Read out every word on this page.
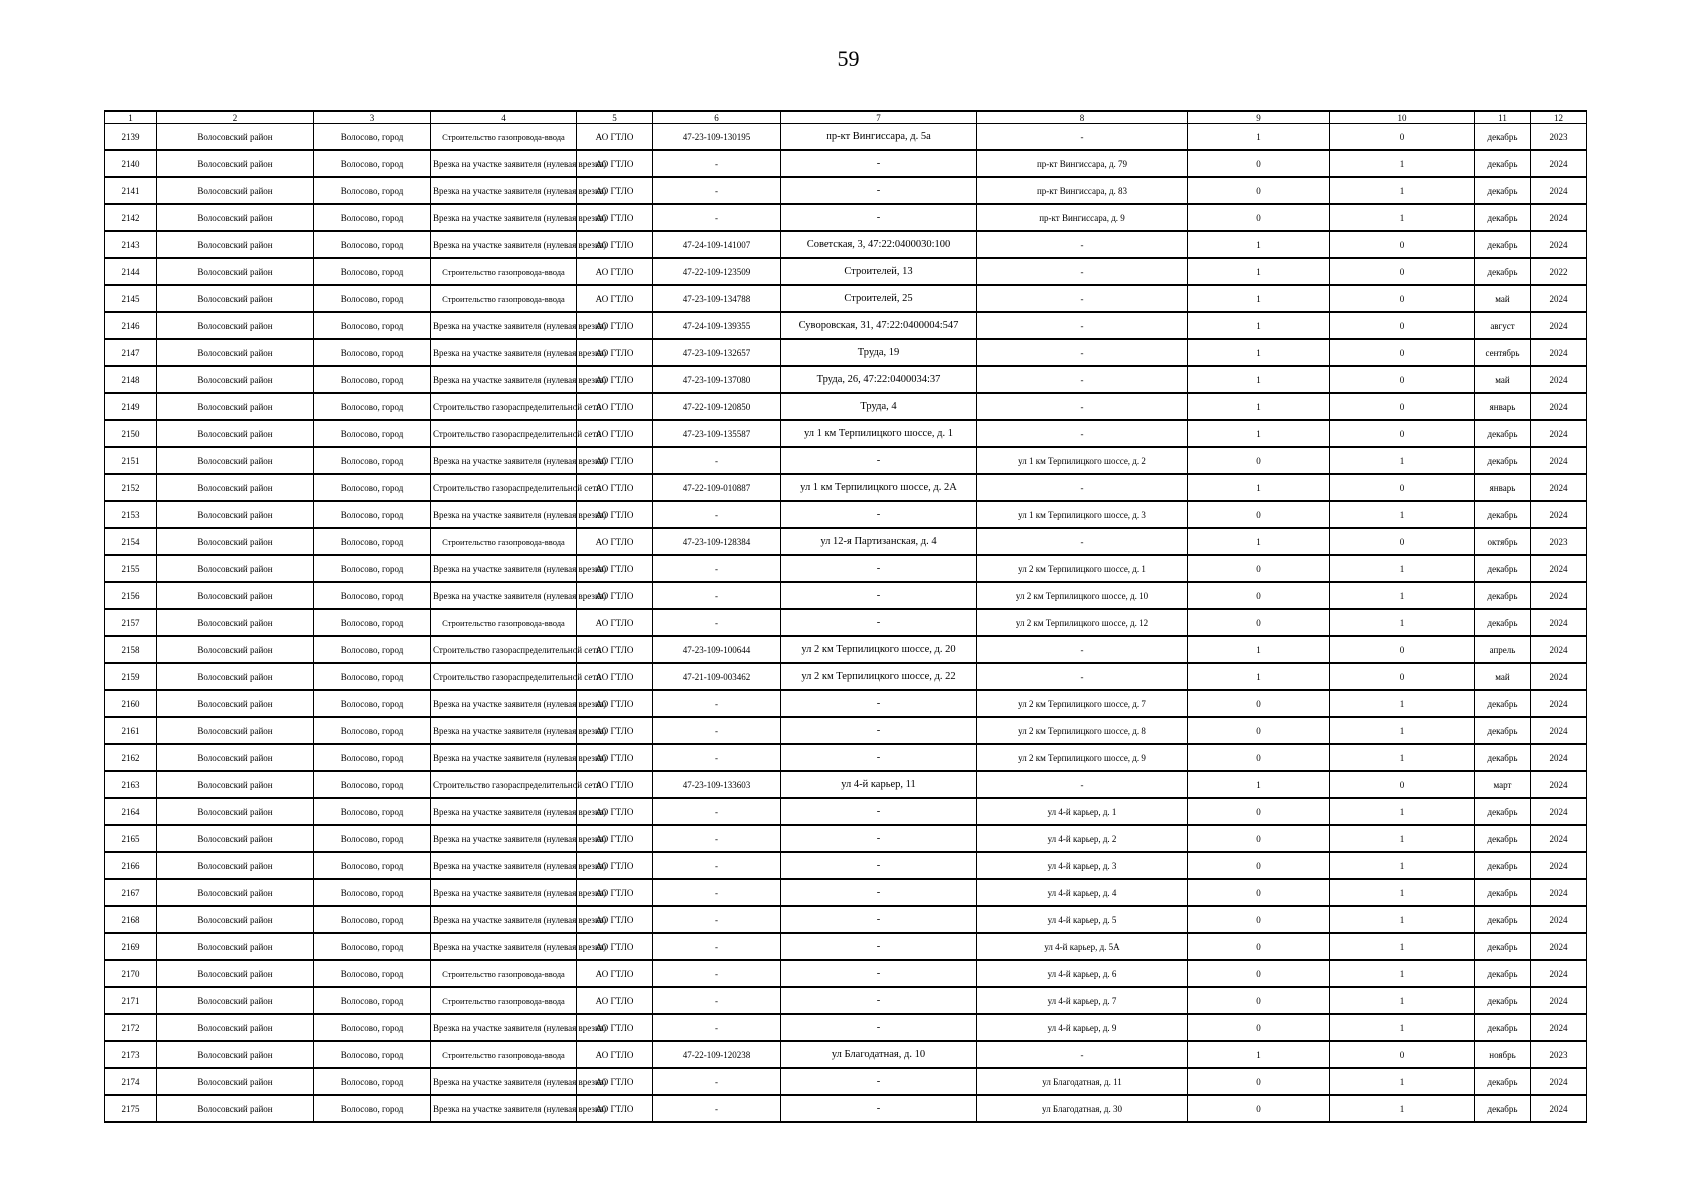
59
1	2	3	4	5	6	7	8	9	10	11	12
2139	Волосовский район	Волосово, город	Строительство газопровода-ввода	АО ГТЛО	47-23-109-130195	пр-кт Вингиссара, д. 5а	-	1	0	декабрь	2023
2140	Волосовский район	Волосово, город	Врезка на участке заявителя (нулевая врезка)	АО ГТЛО	-	-	пр-кт Вингиссара, д. 79	0	1	декабрь	2024
2141	Волосовский район	Волосово, город	Врезка на участке заявителя (нулевая врезка)	АО ГТЛО	-	-	пр-кт Вингиссара, д. 83	0	1	декабрь	2024
2142	Волосовский район	Волосово, город	Врезка на участке заявителя (нулевая врезка)	АО ГТЛО	-	-	пр-кт Вингиссара, д. 9	0	1	декабрь	2024
2143	Волосовский район	Волосово, город	Врезка на участке заявителя (нулевая врезка)	АО ГТЛО	47-24-109-141007	Советская, 3, 47:22:0400030:100	-	1	0	декабрь	2024
2144	Волосовский район	Волосово, город	Строительство газопровода-ввода	АО ГТЛО	47-22-109-123509	Строителей, 13	-	1	0	декабрь	2022
2145	Волосовский район	Волосово, город	Строительство газопровода-ввода	АО ГТЛО	47-23-109-134788	Строителей, 25	-	1	0	май	2024
2146	Волосовский район	Волосово, город	Врезка на участке заявителя (нулевая врезка)	АО ГТЛО	47-24-109-139355	Суворовская, 31, 47:22:0400004:547	-	1	0	август	2024
2147	Волосовский район	Волосово, город	Врезка на участке заявителя (нулевая врезка)	АО ГТЛО	47-23-109-132657	Труда, 19	-	1	0	сентябрь	2024
2148	Волосовский район	Волосово, город	Врезка на участке заявителя (нулевая врезка)	АО ГТЛО	47-23-109-137080	Труда, 26, 47:22:0400034:37	-	1	0	май	2024
2149	Волосовский район	Волосово, город	Строительство газораспределительной сети	АО ГТЛО	47-22-109-120850	Труда, 4	-	1	0	январь	2024
2150	Волосовский район	Волосово, город	Строительство газораспределительной сети	АО ГТЛО	47-23-109-135587	ул 1 км Терпилицкого шоссе, д. 1	-	1	0	декабрь	2024
2151	Волосовский район	Волосово, город	Врезка на участке заявителя (нулевая врезка)	АО ГТЛО	-	-	ул 1 км Терпилицкого шоссе, д. 2	0	1	декабрь	2024
2152	Волосовский район	Волосово, город	Строительство газораспределительной сети	АО ГТЛО	47-22-109-010887	ул 1 км Терпилицкого шоссе, д. 2А	-	1	0	январь	2024
2153	Волосовский район	Волосово, город	Врезка на участке заявителя (нулевая врезка)	АО ГТЛО	-	-	ул 1 км Терпилицкого шоссе, д. 3	0	1	декабрь	2024
2154	Волосовский район	Волосово, город	Строительство газопровода-ввода	АО ГТЛО	47-23-109-128384	ул 12-я Партизанская, д. 4	-	1	0	октябрь	2023
2155	Волосовский район	Волосово, город	Врезка на участке заявителя (нулевая врезка)	АО ГТЛО	-	-	ул 2 км Терпилицкого шоссе, д. 1	0	1	декабрь	2024
2156	Волосовский район	Волосово, город	Врезка на участке заявителя (нулевая врезка)	АО ГТЛО	-	-	ул 2 км Терпилицкого шоссе, д. 10	0	1	декабрь	2024
2157	Волосовский район	Волосово, город	Строительство газопровода-ввода	АО ГТЛО	-	-	ул 2 км Терпилицкого шоссе, д. 12	0	1	декабрь	2024
2158	Волосовский район	Волосово, город	Строительство газораспределительной сети	АО ГТЛО	47-23-109-100644	ул 2 км Терпилицкого шоссе, д. 20	-	1	0	апрель	2024
2159	Волосовский район	Волосово, город	Строительство газораспределительной сети	АО ГТЛО	47-21-109-003462	ул 2 км Терпилицкого шоссе, д. 22	-	1	0	май	2024
2160	Волосовский район	Волосово, город	Врезка на участке заявителя (нулевая врезка)	АО ГТЛО	-	-	ул 2 км Терпилицкого шоссе, д. 7	0	1	декабрь	2024
2161	Волосовский район	Волосово, город	Врезка на участке заявителя (нулевая врезка)	АО ГТЛО	-	-	ул 2 км Терпилицкого шоссе, д. 8	0	1	декабрь	2024
2162	Волосовский район	Волосово, город	Врезка на участке заявителя (нулевая врезка)	АО ГТЛО	-	-	ул 2 км Терпилицкого шоссе, д. 9	0	1	декабрь	2024
2163	Волосовский район	Волосово, город	Строительство газораспределительной сети	АО ГТЛО	47-23-109-133603	ул 4-й карьер, 11	-	1	0	март	2024
2164	Волосовский район	Волосово, город	Врезка на участке заявителя (нулевая врезка)	АО ГТЛО	-	-	ул 4-й карьер, д. 1	0	1	декабрь	2024
2165	Волосовский район	Волосово, город	Врезка на участке заявителя (нулевая врезка)	АО ГТЛО	-	-	ул 4-й карьер, д. 2	0	1	декабрь	2024
2166	Волосовский район	Волосово, город	Врезка на участке заявителя (нулевая врезка)	АО ГТЛО	-	-	ул 4-й карьер, д. 3	0	1	декабрь	2024
2167	Волосовский район	Волосово, город	Врезка на участке заявителя (нулевая врезка)	АО ГТЛО	-	-	ул 4-й карьер, д. 4	0	1	декабрь	2024
2168	Волосовский район	Волосово, город	Врезка на участке заявителя (нулевая врезка)	АО ГТЛО	-	-	ул 4-й карьер, д. 5	0	1	декабрь	2024
2169	Волосовский район	Волосово, город	Врезка на участке заявителя (нулевая врезка)	АО ГТЛО	-	-	ул 4-й карьер, д. 5А	0	1	декабрь	2024
2170	Волосовский район	Волосово, город	Строительство газопровода-ввода	АО ГТЛО	-	-	ул 4-й карьер, д. 6	0	1	декабрь	2024
2171	Волосовский район	Волосово, город	Строительство газопровода-ввода	АО ГТЛО	-	-	ул 4-й карьер, д. 7	0	1	декабрь	2024
2172	Волосовский район	Волосово, город	Врезка на участке заявителя (нулевая врезка)	АО ГТЛО	-	-	ул 4-й карьер, д. 9	0	1	декабрь	2024
2173	Волосовский район	Волосово, город	Строительство газопровода-ввода	АО ГТЛО	47-22-109-120238	ул Благодатная, д. 10	-	1	0	ноябрь	2023
2174	Волосовский район	Волосово, город	Врезка на участке заявителя (нулевая врезка)	АО ГТЛО	-	-	ул Благодатная, д. 11	0	1	декабрь	2024
2175	Волосовский район	Волосово, город	Врезка на участке заявителя (нулевая врезка)	АО ГТЛО	-	-	ул Благодатная, д. 30	0	1	декабрь	2024
